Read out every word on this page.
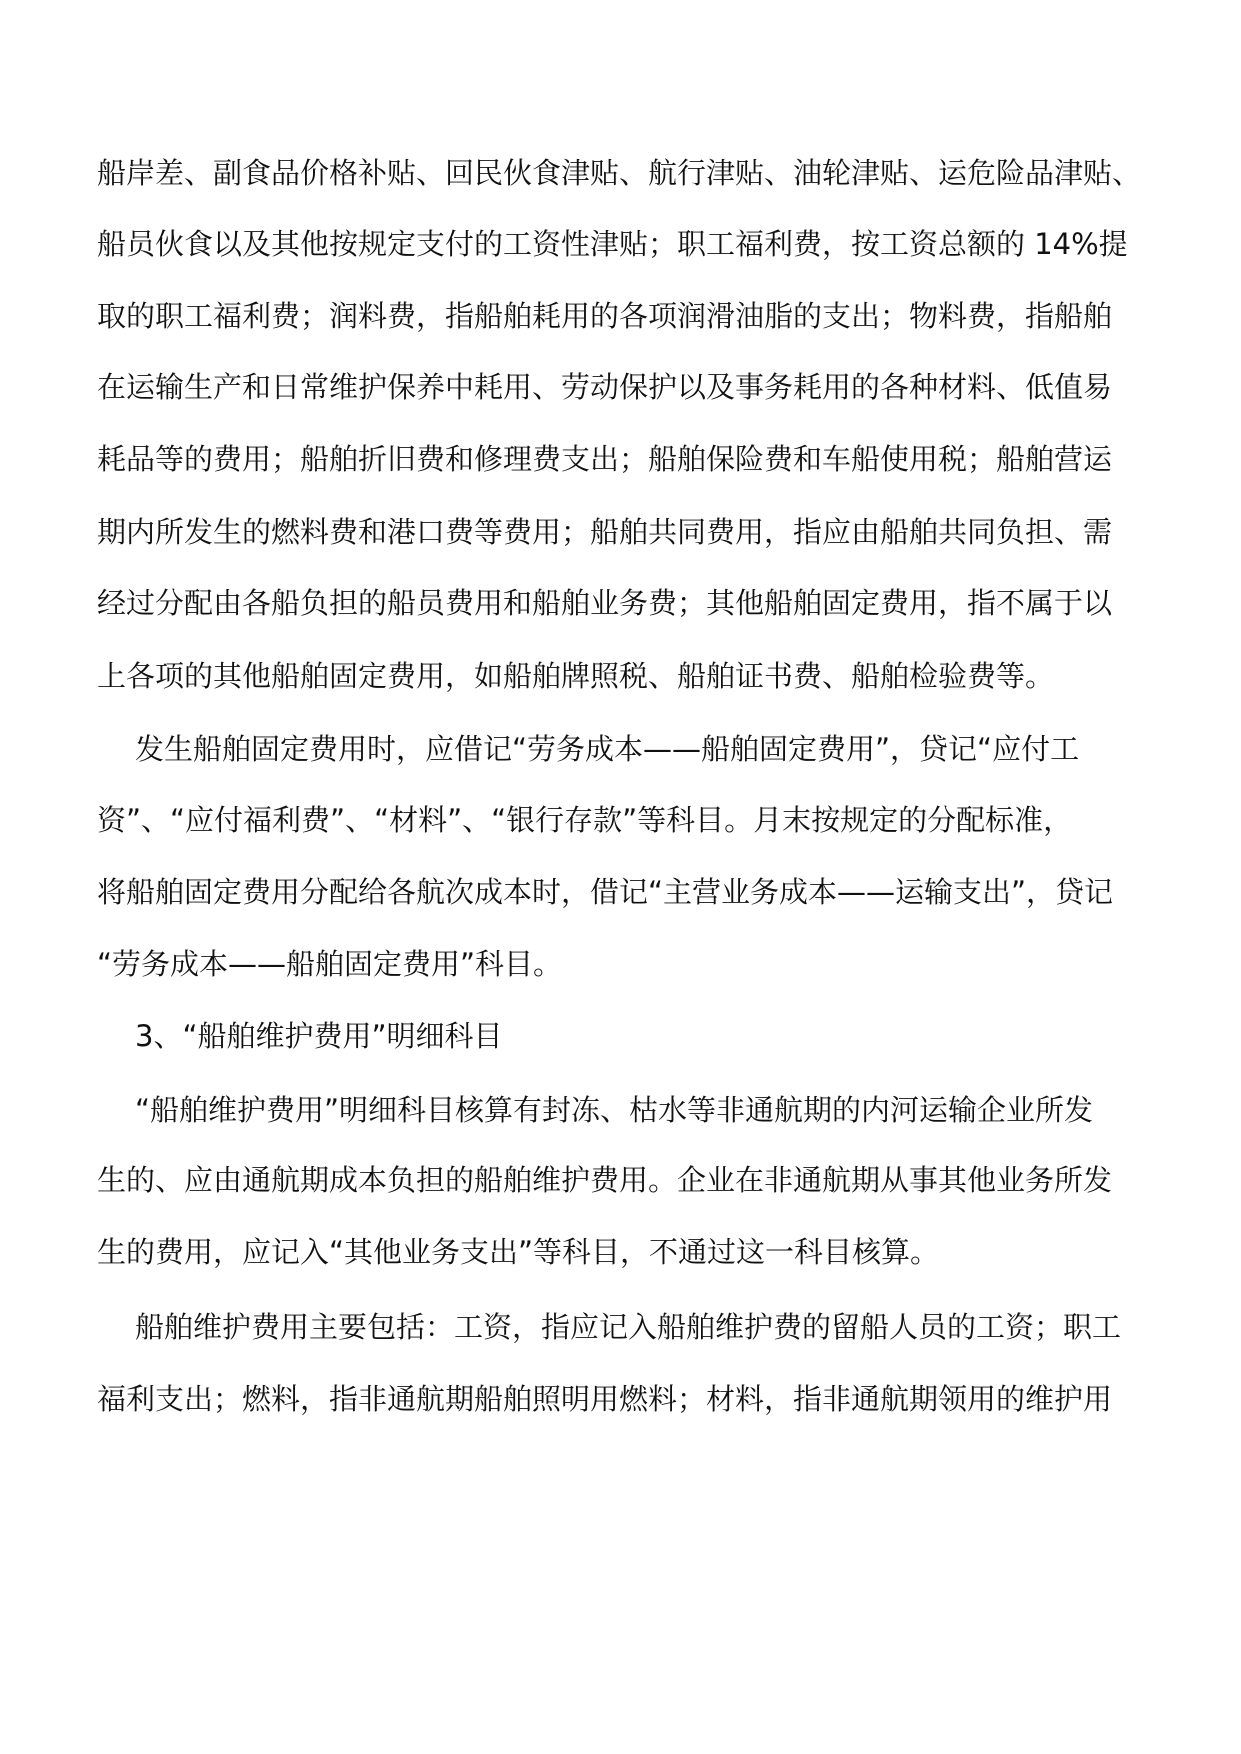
船岸差、副食品价格补贴、回民伙食津贴、航行津贴、油轮津贴、运危险品津贴、

船员伙食以及其他按规定支付的工资性津贴；职工福利费，按工资总额的 14%提

取的职工福利费；润料费，指船舶耗用的各项润滑油脂的支出；物料费，指船舶

在运输生产和日常维护保养中耗用、劳动保护以及事务耗用的各种材料、低值易

耗品等的费用；船舶折旧费和修理费支出；船舶保险费和车船使用税；船舶营运

期内所发生的燃料费和港口费等费用；船舶共同费用，指应由船舶共同负担、需

经过分配由各船负担的船员费用和船舶业务费；其他船舶固定费用，指不属于以

上各项的其他船舶固定费用，如船舶牌照税、船舶证书费、船舶检验费等。

发生船舶固定费用时，应借记“劳务成本——船舶固定费用”，贷记“应付工

资”、“应付福利费”、“材料”、“银行存款”等科目。月末按规定的分配标准，

将船舶固定费用分配给各航次成本时，借记“主营业务成本——运输支出”，贷记

“劳务成本——船舶固定费用”科目。

3、“船舶维护费用”明细科目

“船舶维护费用”明细科目核算有封冻、枯水等非通航期的内河运输企业所发

生的、应由通航期成本负担的船舶维护费用。企业在非通航期从事其他业务所发

生的费用，应记入“其他业务支出”等科目，不通过这一科目核算。

船舶维护费用主要包括：工资，指应记入船舶维护费的留船人员的工资；职工

福利支出；燃料，指非通航期船舶照明用燃料；材料，指非通航期领用的维护用
